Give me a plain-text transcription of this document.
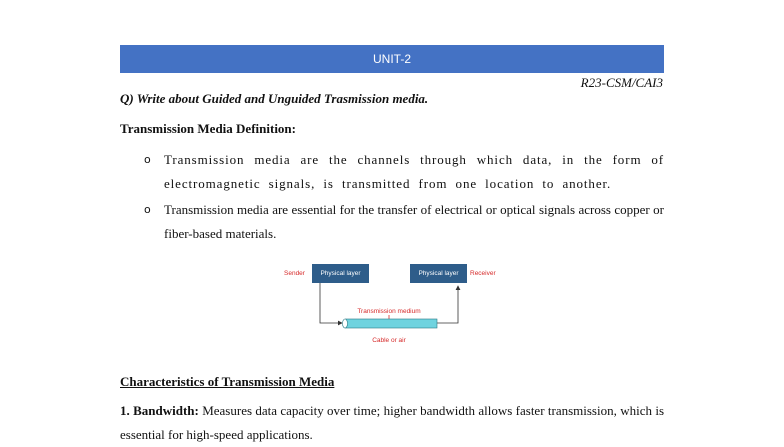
UNIT-2
R23-CSM/CAI3
Q) Write about Guided and Unguided Trasmission media.
Transmission Media Definition:
o Transmission media are the channels through which data, in the form of electromagnetic signals, is transmitted from one location to another.
o Transmission media are essential for the transfer of electrical or optical signals across copper or fiber-based materials.
Sender Physical layer	Physical layer Receiver
Transmission medium
Cable or air
Characteristics of Transmission Media
1. Bandwidth: Measures data capacity over time; higher bandwidth allows faster transmission, which is essential for high-speed applications.
